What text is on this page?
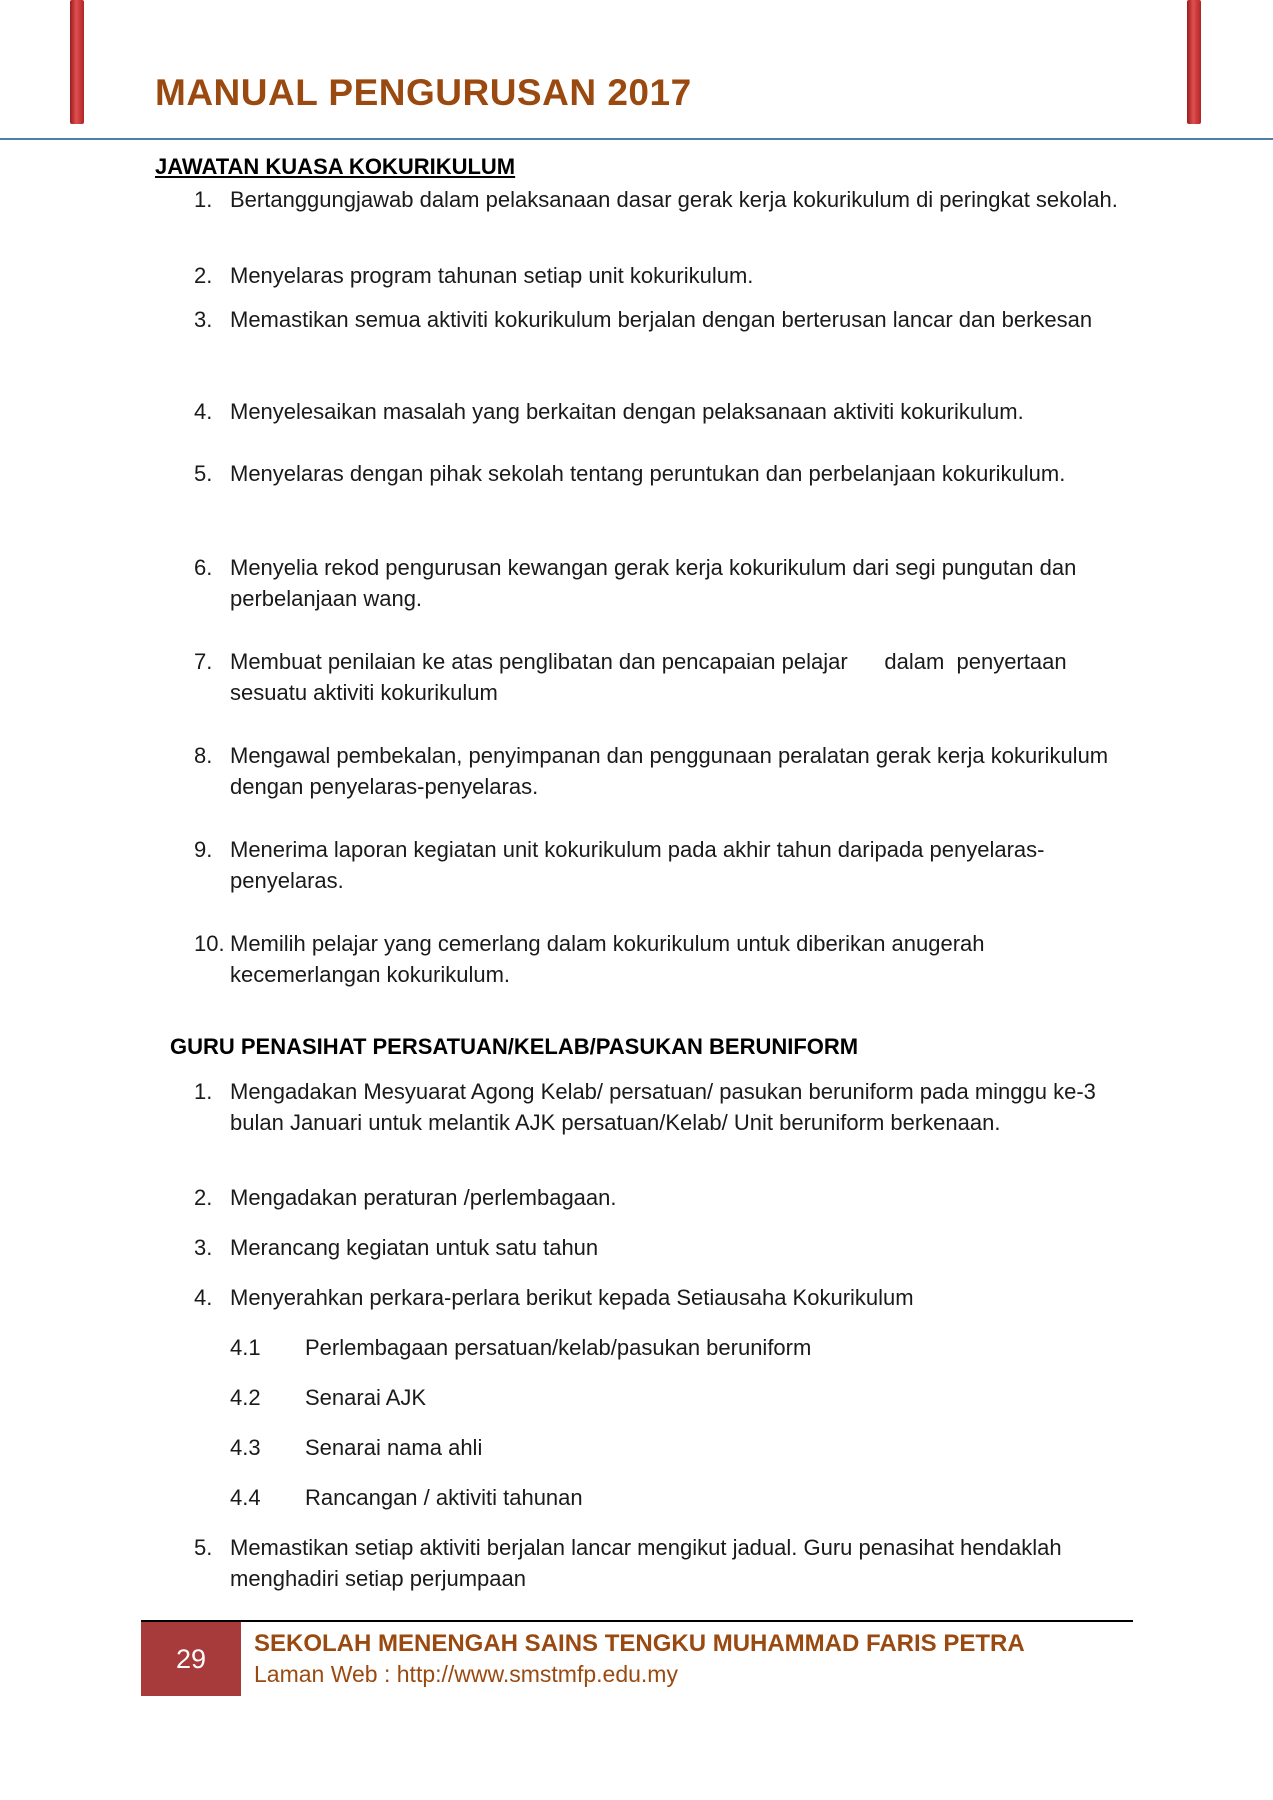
MANUAL PENGURUSAN 2017
JAWATAN KUASA KOKURIKULUM
1. Bertanggungjawab dalam pelaksanaan dasar gerak kerja kokurikulum di peringkat sekolah.
2. Menyelaras program tahunan setiap unit kokurikulum.
3. Memastikan semua aktiviti kokurikulum berjalan dengan berterusan lancar dan berkesan
4. Menyelesaikan masalah yang berkaitan dengan pelaksanaan aktiviti kokurikulum.
5. Menyelaras dengan pihak sekolah tentang peruntukan dan perbelanjaan kokurikulum.
6. Menyelia rekod pengurusan kewangan gerak kerja kokurikulum dari segi pungutan dan perbelanjaan wang.
7. Membuat penilaian ke atas penglibatan dan pencapaian pelajar      dalam  penyertaan sesuatu aktiviti kokurikulum
8. Mengawal pembekalan, penyimpanan dan penggunaan peralatan gerak kerja kokurikulum dengan penyelaras-penyelaras.
9. Menerima laporan kegiatan unit kokurikulum pada akhir tahun daripada penyelaras-penyelaras.
10. Memilih pelajar yang cemerlang dalam kokurikulum untuk diberikan anugerah kecemerlangan kokurikulum.
GURU PENASIHAT PERSATUAN/KELAB/PASUKAN BERUNIFORM
1. Mengadakan Mesyuarat Agong Kelab/ persatuan/ pasukan beruniform pada minggu ke-3     bulan Januari untuk melantik AJK persatuan/Kelab/ Unit beruniform berkenaan.
2. Mengadakan peraturan /perlembagaan.
3. Merancang kegiatan untuk satu tahun
4. Menyerahkan perkara-perlara berikut kepada Setiausaha Kokurikulum
4.1	Perlembagaan persatuan/kelab/pasukan beruniform
4.2	Senarai AJK
4.3	Senarai nama ahli
4.4	Rancangan / aktiviti tahunan
5. Memastikan setiap aktiviti berjalan lancar mengikut jadual. Guru penasihat hendaklah menghadiri setiap perjumpaan
29	SEKOLAH MENENGAH SAINS TENGKU MUHAMMAD FARIS PETRA
Laman Web : http://www.smstmfp.edu.my
